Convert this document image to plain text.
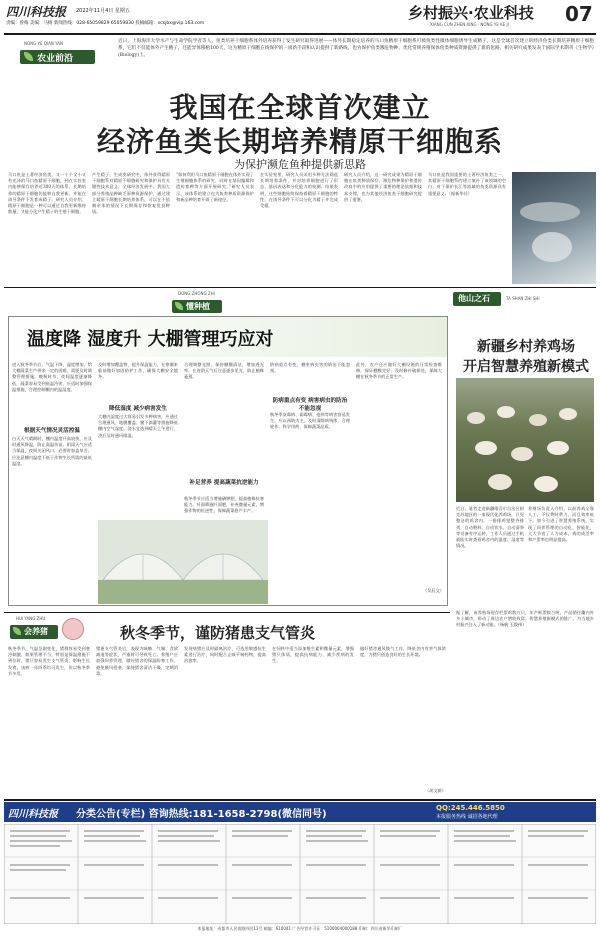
四川科技报 2022年11月4日 星期五
责编：曾梅 美编：马梅 新闻热线：028-65059829 65059830 投稿邮箱：sckjbx@vip.163.com
乡村振兴·农业科技
XIANG CUN ZHEN XING · NONG YE KE JI	07
NONG YE QIAN YAN
农业前沿
近日，上海海洋大学水产与生命学院学者等人，鱼类培养干细胞系体外培养获得了发生研究取得进展——体外长期稳定培养的马口鱼精原干细胞系可被鱼类性微体细胞诱导生成精子，这是全球首次建立的经济鱼类长期培养精原干细胞系，它们不仅能体外产生精子，还能异体移植100天。这为精原干细胞在线保护的一项新手段和认识提供了新路线，也为保护鱼类濒危物种、优化常规养殖保体鱼类种质资源提供了新的思路。相关研究成果发表于国际学术期刊《生物学》(Biology)上。
我国在全球首次建立
经济鱼类长期培养精原干细胞系
为保护濒危鱼种提供新思路
马口鱼是土著经济鱼类，又一个个父小又有光泽的马口鱼精原干细胞，到在实验室内能够保存培养近300天的体系，长期培养的精原干细胞仍能够自我更新，并能在诱导条件下发育成精子。研究人员介绍，精原干细胞是一种可以通过自我更新维持数量，又能分化产生精子的生殖干细胞。
产生精子，生成类研究中，体外获得精原干细胞系对精原干细胞研究和保护具有关键性技术意义。全球经济发展中，我国大部分养殖品种缺乏原种资源保护，通过建立精原干细胞长期培养体系，可以在不依赖亲本的情况下长期保存和恢复优良种质。
“如何利用马口鱼精原干细胞在体外实现了生殖细胞体系的研究，同时在基因编辑和遗传育种等方面开展研究。”研究人员表示，该体系的建立也为鱼类种质资源保护和新品种培育开辟了新途径。
在实验室里，研究人员采用多种方法筛选长期培养条件，并对培养细胞进行了形态、基因表达和分化能力的检测。结果表明，这些细胞始终保持着精原干细胞的特性，在诱导条件下可以分化为精子并完成受精。
研究人员介绍，这一研究成果为精原干细胞在鱼类种质保存、濒危物种保护和遗传改良中的应用提供了重要的理论依据和技术支撑，也为其他经济鱼类干细胞研究提供了借鉴。
马口鱼是我国重要的土著经济鱼类之一，其精原干细胞系的建立填补了该领域的空白，对于保护长江等流域的鱼类资源具有重要意义。（据新华社）
DONG ZHONG ZHI
懂种植
温度降 湿度升 大棚管理巧应对
进入秋冬季节后，气温下降，湿度增加，给大棚蔬菜生产带来一定的困难，需要及时调整管理措施。晚秋时节，夜间温度逐渐降低，蔬菜容易受到低温冷害，应适时加强保温措施，合理控制棚内的温湿度。
根据天气情况灵活控温
白天天气晴朗时，棚内温度升高较快，应及时通风降温，防止高温伤苗。阴雨天气应适当保温，夜间关闭风口，必要时加盖草苫。应注意棚内温度不低于作物生长所需的最低温度。
及时增加覆盖物，提升保温能力，在寒潮来临前做好加固防护工作，确保大棚安全越冬。
降低湿度 减少病害发生
大棚内湿度过大容易引发多种病害，应通过合理通风、地膜覆盖、膜下滴灌等措施降低棚内空气湿度。浇水宜选择晴天上午进行，浇后及时通风排湿。
合理调整光照，保持棚膜清洁，增加透光率。在连阴天气后注意逐步见光，防止植株萎蔫。
补足营养 提高蔬菜抗逆能力
秋冬季节应适当增施磷钾肥，提高植株抗寒能力。叶面喷施叶面肥，补充微量元素，增强作物的抗逆性，保障蔬菜稳产丰产。
防病重点有变，棚室病虫害的防治不能忽视。
防病重点有变 病害病虫的防治不能忽视
秋冬季灰霉病、霜霉病、疫病等病害容易发生，应以预防为主，及时清除病残体，合理轮作，科学用药，保障蔬菜品质。
此外，农户还应做好大棚设施的日常检查维修，保证棚膜完好，及时修补破损处，保障大棚在秋冬季节的正常生产。
（吴辰文）
他山之石	TA SHAN ZHI SHI
新疆乡村养鸡场
开启智慧养殖新模式
近日，笔者走进新疆维吾尔自治区阿克苏地区的一家现代化养鸡场，只见整洁的鸡舍内，一排排鸡笼整齐排列，自动喂料、自动饮水、自动清粪等设备有序运转，工作人员通过手机就能实时查看鸡舍内的温度、湿度等情况。
养殖场负责人介绍，以前养鸡全靠人工，不仅费时费力，而且效率低下。如今引进了智慧养殖系统，实现了饲养管理的自动化、智能化，大大节省了人力成本，鸡的成活率和产蛋率也明显提高。
据了解，该养殖场现存栏蛋鸡数万只，年产鲜蛋数百吨，产品销往疆内外多个城市，带动了周边农户增收致富。智慧养殖新模式的推广，为当地乡村振兴注入了新动能。（杨帆 王俊伟）
HUI YANG ZHU
会养猪	秋冬季节，谨防猪患支气管炎
秋冬季节，气温急剧变化，猪群容易受到寒冷刺激，如果管理不当，特别是保温措施不到位时，猪只容易发生支气管炎，影响生长发育。该病一年四季均可发生，但以秋冬季节多发。
猪患支气管炎后，表现为咳嗽、气喘、食欲减退等症状，严重时可导致死亡。养殖户应加强饲养管理，做好猪舍的保温防寒工作，避免贼风侵袭，保持猪舍清洁干燥，定期消毒。
发现病猪应及时隔离治疗，可选用敏感抗生素进行治疗，同时配合止咳平喘药物，提高治愈率。
在饲料中适当添加维生素和微量元素，增强猪只体质，提高抗病能力，减少疾病的发生。
做好猪舍通风换气工作，降低舍内有害气体浓度，为猪只创造良好的生长环境。
（胡文新）
四川科技报 分类公告(专栏) 咨询热线:181-1658-2798(微信同号)
QQ:245.446.5850
本报服务热线 诚招各地代理
本报地址：成都市人民南路四段11号 邮编：610041 广告经营许可证：5100004000188 印刷：四川省新华印刷厂
